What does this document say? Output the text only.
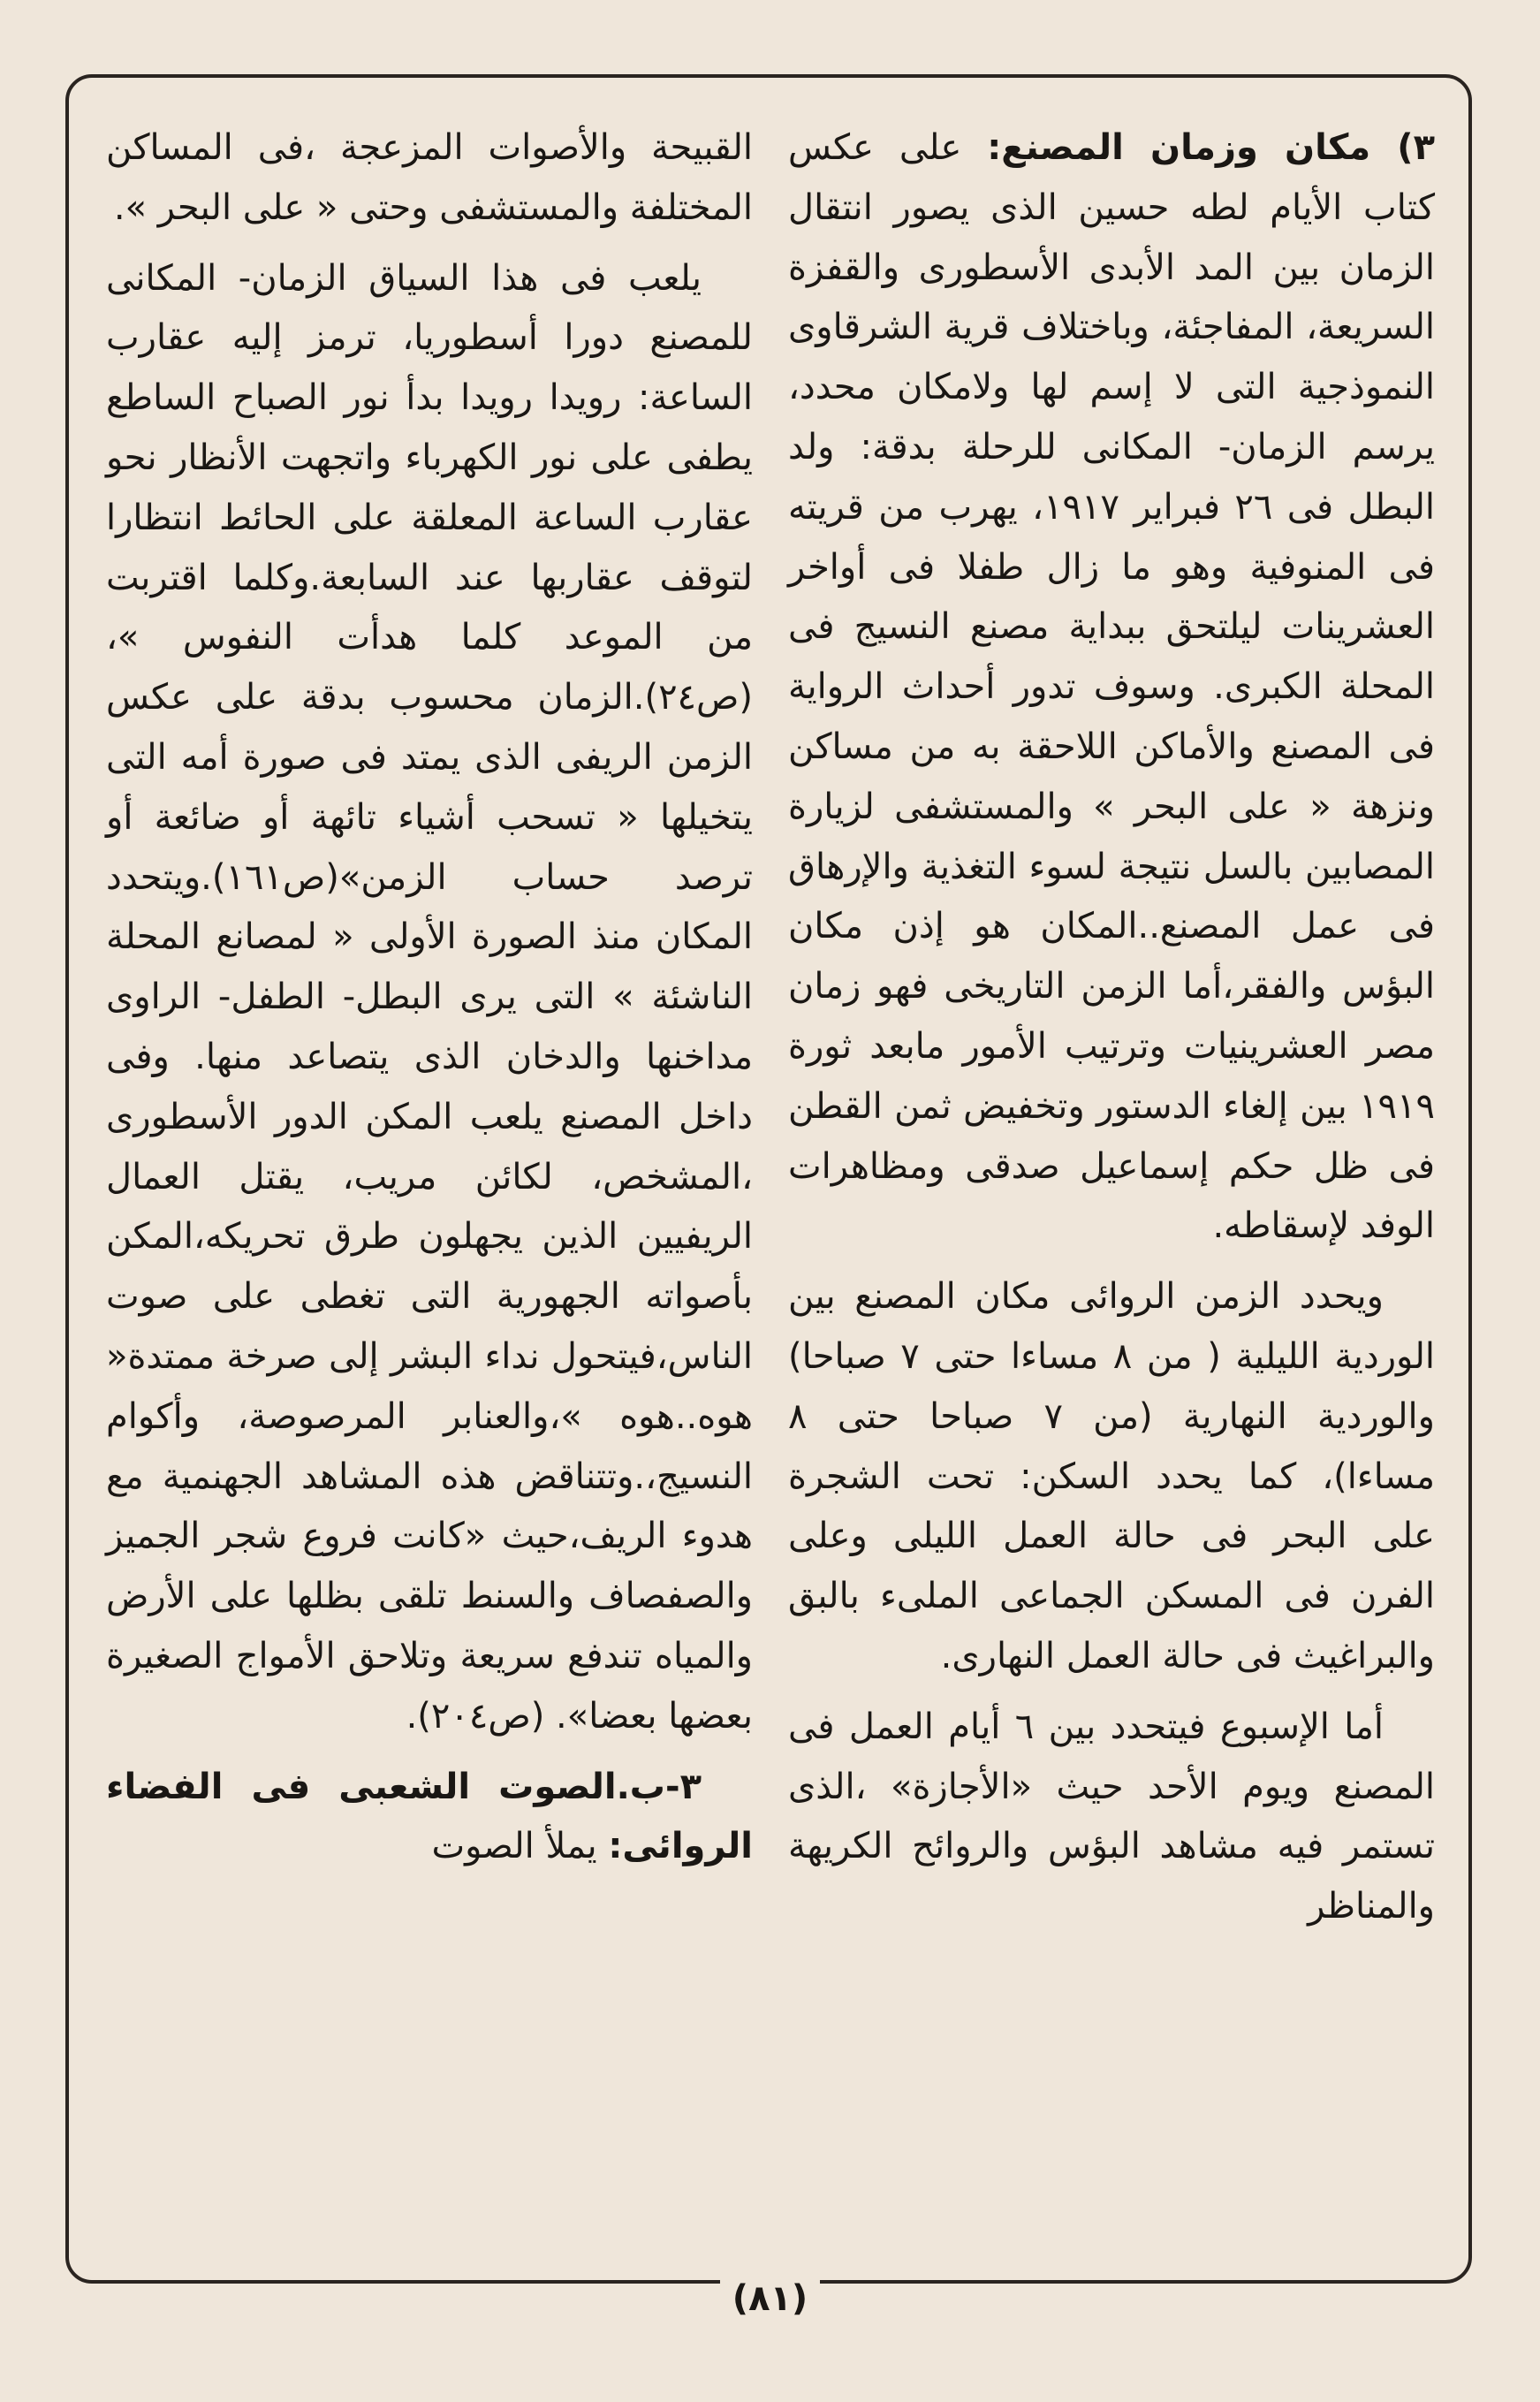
٣) مكان وزمان المصنع: على عكس كتاب الأيام لطه حسين الذى يصور انتقال الزمان بين المد الأبدى الأسطورى والقفزة السريعة، المفاجئة، وباختلاف قرية الشرقاوى النموذجية التى لا إسم لها ولامكان محدد، يرسم الزمان- المكانى للرحلة بدقة: ولد البطل فى ٢٦ فبراير ١٩١٧، يهرب من قريته فى المنوفية وهو ما زال طفلا فى أواخر العشرينات ليلتحق ببداية مصنع النسيج فى المحلة الكبرى. وسوف تدور أحداث الرواية فى المصنع والأماكن اللاحقة به من مساكن ونزهة « على البحر » والمستشفى لزيارة المصابين بالسل نتيجة لسوء التغذية والإرهاق فى عمل المصنع..المكان هو إذن مكان البؤس والفقر،أما الزمن التاريخى فهو زمان مصر العشرينيات وترتيب الأمور مابعد ثورة ١٩١٩ بين إلغاء الدستور وتخفيض ثمن القطن فى ظل حكم إسماعيل صدقى ومظاهرات الوفد لإسقاطه.

ويحدد الزمن الروائى مكان المصنع بين الوردية الليلية ( من ٨ مساءا حتى ٧ صباحا) والوردية النهارية (من ٧ صباحا حتى ٨ مساءا)، كما يحدد السكن: تحت الشجرة على البحر فى حالة العمل الليلى وعلى الفرن فى المسكن الجماعى الملىء بالبق والبراغيث فى حالة العمل النهارى.

أما الإسبوع فيتحدد بين ٦ أيام العمل فى المصنع ويوم الأحد حيث «الأجازة» ،الذى تستمر فيه مشاهد البؤس والروائح الكريهة والمناظر

القبيحة والأصوات المزعجة ،فى المساكن المختلفة والمستشفى وحتى « على البحر ».

يلعب فى هذا السياق الزمان- المكانى للمصنع دورا أسطوريا، ترمز إليه عقارب الساعة: رويدا رويدا بدأ نور الصباح الساطع يطفى على نور الكهرباء واتجهت الأنظار نحو عقارب الساعة المعلقة على الحائط انتظارا لتوقف عقاربها عند السابعة.وكلما اقتربت من الموعد كلما هدأت النفوس »،(ص٢٤).الزمان محسوب بدقة على عكس الزمن الريفى الذى يمتد فى صورة أمه التى يتخيلها « تسحب أشياء تائهة أو ضائعة أو ترصد حساب الزمن»(ص١٦١).ويتحدد المكان منذ الصورة الأولى « لمصانع المحلة الناشئة » التى يرى البطل- الطفل- الراوى مداخنها والدخان الذى يتصاعد منها. وفى داخل المصنع يلعب المكن الدور الأسطورى ،المشخص، لكائن مريب، يقتل العمال الريفيين الذين يجهلون طرق تحريكه،المكن بأصواته الجهورية التى تغطى على صوت الناس،فيتحول نداء البشر إلى صرخة ممتدة« هوه..هوه »،والعنابر المرصوصة، وأكوام النسيج،.وتتناقض هذه المشاهد الجهنمية مع هدوء الريف،حيث «كانت فروع شجر الجميز والصفصاف والسنط تلقى بظلها على الأرض والمياه تندفع سريعة وتلاحق الأمواج الصغيرة بعضها بعضا». (ص٢٠٤).

٣-ب.الصوت الشعبى فى الفضاء الروائى: يملأ الصوت

(٨١)
